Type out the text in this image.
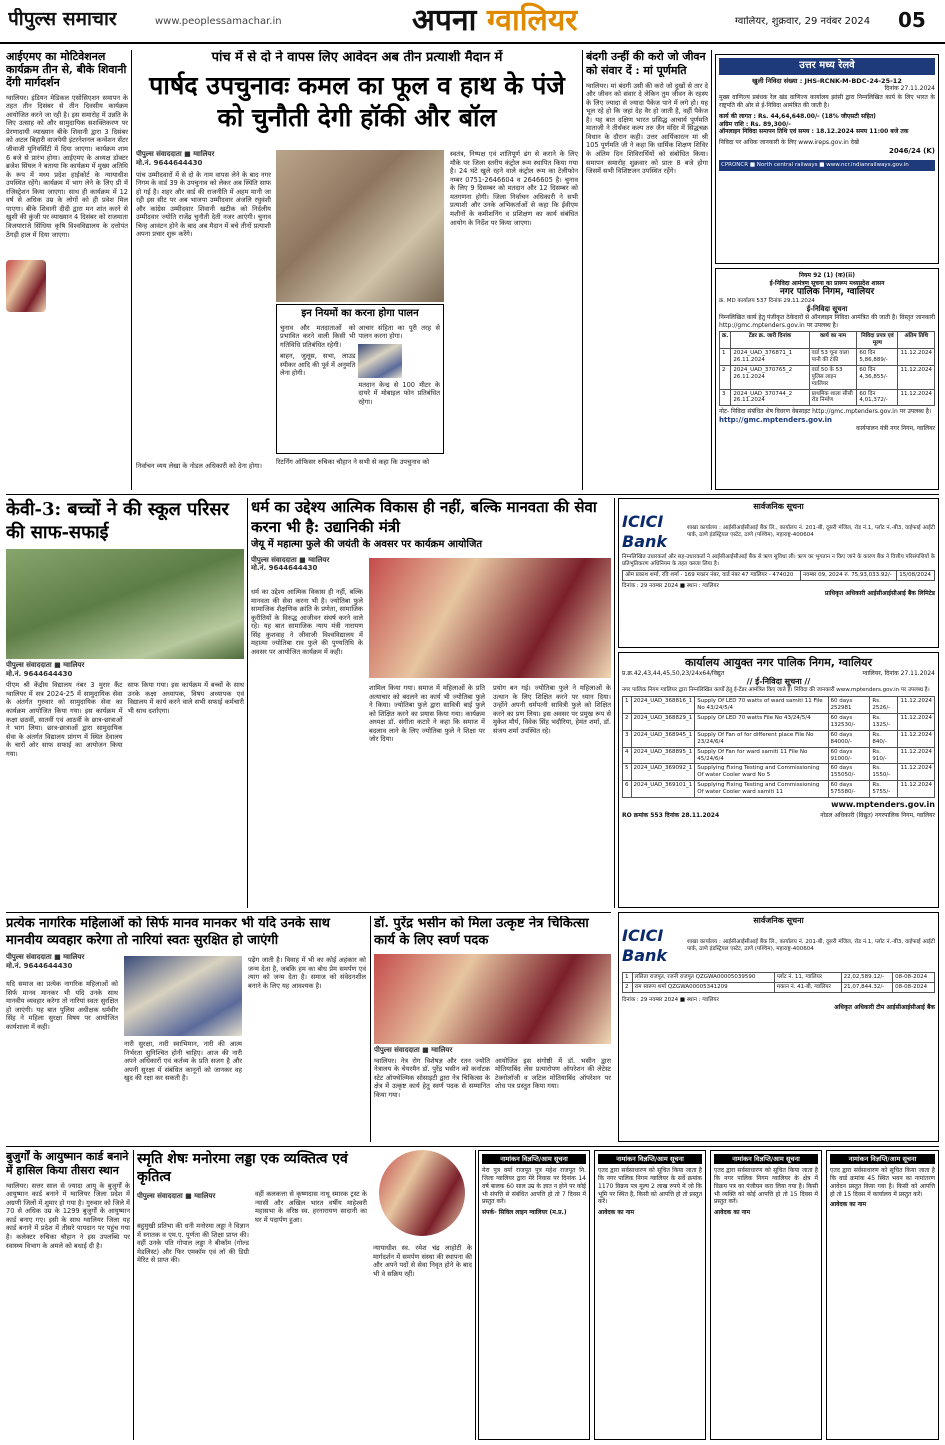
पीपुल्स समाचार	www.peoplessamachar.in	अपना ग्वालियर	ग्वालियर, शुक्रवार, 29 नवंबर 2024 05
आईएमए का मोटिवेशनल कार्यक्रम तीन से, बीके शिवानी देंगी मार्गदर्शन
ग्वालियर। इंडियन मेडिकल एसोसिएशन समापन के तहत तीन दिसंबर से तीन दिवसीय कार्यक्रम आयोजित करने जा रही है। इस समारोह में उन्नति के लिए उत्साह को और सामुदायिक सशक्तिकरण पर प्रेरणादायी व्याख्यान बीके शिवानी द्वारा 3 दिसंबर को अटल बिहारी वाजपेयी इंटरनेशनल कन्वेंशन सेंटर जीवाजी यूनिवर्सिटी में दिया जाएगा। कार्यक्रम शाम 6 बजे से प्रारंभ होगा। आईएमए के अध्यक्ष डॉक्टर ब्रजेश सिंघल ने बताया कि कार्यक्रम में मुख्य अतिथि के रूप में मध्य प्रदेश हाईकोर्ट के न्यायाधीश उपस्थित रहेंगे। कार्यक्रम में भाग लेने के लिए प्री में रजिस्ट्रेशन किया जाएगा। साथ ही कार्यक्रम में 12 वर्ष से अधिक उम्र के लोगों को ही प्रवेश मिल पाएगा। बीके शिवानी दीदी द्वारा मन शांत करने से खुशी की कुंजी पर व्याख्यान 4 दिसंबर को राजमाता विजयाराजे सिंधिया कृषि विश्वविद्यालय के दत्तोपंत ठेंगड़ी हाल में दिया जाएगा।
पांच में से दो ने वापस लिए आवेदन अब तीन प्रत्याशी मैदान में
पार्षद उपचुनावः कमल का फूल व हाथ के पंजे को चुनौती देगी हॉकी और बॉल
पीपुल्स संवाददाता ■ ग्वालियर
मो.नं. 9644644430
पांच उम्मीदवारों में से दो के नाम वापस लेने के बाद नगर निगम के वार्ड 39 के उपचुनाव को लेकर अब स्थिति साफ हो गई है। शहर और वार्ड की राजनीति में अहम मानी जा रही इस सीट पर अब भाजपा उम्मीदवार अंजलि रघुवंशी और कांग्रेस उम्मीदवार शिवानी खटीक को निर्दलीय उम्मीदवार ज्योति राजेंद्र चुनौती देती नजर आएंगी। चुनाव चिन्ह आवंटन होने के बाद अब मैदान में बचे तीनों प्रत्याशी अपना प्रचार शुरू करेंगे।
इन नियमों का करना होगा पालन
चुनाव और मतदाताओं को प्रभावित करने वाली किसी भी गतिविधि प्रतिबंधित रहेगी।
बाहन, जुलूस, सभा, लाउड स्पीकर आदि की पूर्व में अनुमति लेना होगी।
आचार संहिता का पूरी तरह से पालन करना होगा।
मतदान केन्द्र से 100 मीटर के दायरे में मोबाइल फोन प्रतिबंधित रहेगा।
निर्वाचन व्यय लेखा के नोडल अधिकारी को देना होगा।	रिटर्निंग ऑफिसर रुचिका चौहान ने सभी से कहा कि उपचुनाव को
स्वतंत्र, निष्पक्ष एवं शांतिपूर्ण ढंग से कराने के लिए मौके पर जिला स्तरीय कंट्रोल रूम स्थापित किया गया है। 24 घंटे खुले रहने वाले कंट्रोल रूम का टेलीफोन नम्बर 0751-2646604 व 2646605 है। चुनाव के लिए 9 दिसम्बर को मतदान और 12 दिसम्बर को मतगणना होगी। जिला निर्वाचन अधिकारी ने सभी प्रत्याशी और उनके अभिकर्ताओं से कहा कि ईवीएम मशीनों के कमीशनिंग व प्रशिक्षण का कार्य संबंधित आयोग के निर्देश पर किया जाएगा।
बंदगी उन्हीं की करो जो जीवन को संवार दें : मां पूर्णमति
ग्वालियर। मां बंदगी उसी की करो जो दुखों से तार दे और जीवन को संवार दे लेकिन तुम जीवन के रहस्य के लिए ज्यादा से ज्यादा पैकेज पाने में लगे हो। यह भूल रहे हो कि जहां देह वैर हो जाती है, वहीं पैकेज है। यह बात दक्षिण भारत प्रसिद्ध आचार्य पूर्णमति माताजी ने तीर्थंकर कल्प तरु जैन मंदिर में सिद्धचक्र विधान के दौरान कही। उत्तर आर्यिकारत्न मां श्री 105 पूर्णमति जी ने कहा कि धार्मिक शिक्षण शिविर के अंतिम दिन शिविरार्थियों को संबोधित किया। समापन समारोह शुक्रवार को प्रातः 8 बजे होगा जिसमें सभी विशिष्टजन उपस्थित रहेंगे।
उत्तर मध्य रेलवे
खुली निविदा संख्या : JHS-RCNK-M-BDC-24-25-12
दिनांक 27.11.2024
मुख्य वाणिज्य प्रबंधक रेल खंड वाणिज्य कार्यालय झांसी द्वारा निम्नलिखित कार्य के लिए भारत के राष्ट्रपति की ओर से ई-निविदा आमंत्रित की जाती है।
कार्य की लागत : Rs. 44,64,648.00/- (18% जीएसटी सहित)
अग्रिम राशि : Rs. 89,300/-
ऑनलाइन निविदा समापन तिथि एवं समय : 18.12.2024 समय 11:00 बजे तक
निविदा पर अधिक जानकारी के लिए www.ireps.gov.in देखें
2046/24 (K)
CPRONCR ■ North central railways ■ www.ncr.indianrailways.gov.in
नियम 92 (1) (क)(ii)
ई-निविदा आमंत्रण सूचना का प्रारूप मध्यप्रदेश शासन
नगर पालिक निगम, ग्वालियर
क्र. MD कार्यालय 537 दिनांक 29.11.2024
ई-निविदा सूचना
निम्नलिखित कार्य हेतु पंजीकृत ठेकेदारों से ऑनलाइन निविदा आमंत्रित की जाती है। विस्तृत जानकारी http://gmc.mptenders.gov.in पर उपलब्ध है।
क्र.	टेंडर क्र. जारी दिनांक	कार्य का नाम	निविदा प्रपत्र एवं मूल्य	अंतिम तिथि
1	2024_UAD_376871_1 26.11.2024	वार्ड 53 चूना वाला पानी की टंकी	60 दिन 5,86,889/-	11.12.2024
2	2024_UAD_370765_2 26.11.2024	वार्ड 50 के 53 पुलिस लाइन ग्वालियर	60 दिन 4,36,855/-	11.12.2024
3	2024_UAD_370744_2 26.11.2024	प्राथमिक शाला सीसी रोड निर्माण	60 दिन 4,01,372/-	11.12.2024
नोट- निविदा संबंधित शेष विवरण वेबसाइट http://gmc.mptenders.gov.in पर उपलब्ध है।
http://gmc.mptenders.gov.in
कार्यपालन यंत्री नगर निगम, ग्वालियर
केवी-3: बच्चों ने की स्कूल परिसर की साफ-सफाई
पीपुल्स संवाददाता ■ ग्वालियर
मो.नं. 9644644430
पीएम श्री केंद्रीय विद्यालय नंबर 3 मुरार कैंट ग्वालियर में सत्र 2024-25 में सामुदायिक सेवा के अंतर्गत गुरुवार को सामुदायिक सेवा का कार्यक्रम आयोजित किया गया। इस कार्यक्रम में कक्षा छठवीं, सातवीं एवं आठवीं के छात्र-छात्राओं ने भाग लिया। छात्र-छात्राओं द्वारा सामुदायिक सेवा के अंतर्गत विद्यालय प्रांगण में स्थित देवालय के चारों ओर साफ सफाई का आयोजन किया गया।
साफ किया गया। इस कार्यक्रम में बच्चों के साथ उनके कक्षा अध्यापक, विषय अध्यापक एवं विद्यालय में कार्य करने वाले सभी सफाई कर्मचारी भी साथ दर्शाएगा।
धर्म का उद्देश्य आत्मिक विकास ही नहीं, बल्कि मानवता की सेवा करना भी है: उद्यानिकी मंत्री
जेयू में महात्मा फुले की जयंती के अवसर पर कार्यक्रम आयोजित
पीपुल्स संवाददाता ■ ग्वालियर
मो.नं. 9644644430
धर्म का उद्देश्य आत्मिक विकास ही नहीं, बल्कि मानवता की सेवा करना भी है। ज्योतिबा फुले सामाजिक शैक्षणिक क्रांति के प्रणेता, सामाजिक कुरीतियों के विरुद्ध आजीवन संघर्ष करने वाले रहे। यह बात सामाजिक न्याय मंत्री नारायण सिंह कुशवाह ने जीवाजी विश्वविद्यालय में महात्मा ज्योतिबा राव फुले की पुण्यतिथि के अवसर पर आयोजित कार्यक्रम में कही।
शामिल किया गया। समाज में महिलाओं के प्रति अत्याचार को बदलने का कार्य भी ज्योतिबा फुले ने किया। ज्योतिबा फुले द्वारा सावित्री बाई फुले को शिक्षित करने का प्रयास किया गया। कार्यक्रम अध्यक्ष डॉ. संगीता कटारे ने कहा कि समाज में बदलाव लाने के लिए ज्योतिबा फुले ने शिक्षा पर जोर दिया।
प्रयोग बन गई। ज्योतिबा फुले ने महिलाओं के उत्थान के लिए शिक्षित करने पर ध्यान दिया। उन्होंने अपनी धर्मपत्नी सावित्री फुले को शिक्षित करने का प्रण लिया। इस अवसर पर प्रमुख रूप से मुकेश मौर्य, विवेक सिंह भदौरिया, हेमंत शर्मा, डॉ. संजय शर्मा उपस्थित रहे।
सार्वजनिक सूचना
ICICI Bank
शाखा कार्यालय : आईसीआईसीआई बैंक लि., कार्यालय नं. 201-बी, दूसरी मंजिल, रोड नं.1, प्लॉट नं.-बी3, वाईफाई आईटी पार्क, ठाणे इंडस्ट्रियल एस्टेट, ठाणे (पश्चिम), महाराष्ट्र-400604
निम्नलिखित उधारकर्ता और सह-उधारकर्ता ने आईसीआईसीआई बैंक से ऋण सुविधा ली। ऋण का भुगतान न किए जाने के कारण बैंक ने वित्तीय परिसंपत्तियों के प्रतिभूतिकरण अधिनियम के तहत कब्जा लिया है।
ओम प्रकाश शर्मा, रवि शर्मा - 169 मकान नंबर, वार्ड नंबर 47 ग्वालियर - 474020	नवम्बर 09, 2024 रु. 75,93,033.92/-	15/08/2024
दिनांक : 29 नवम्बर 2024 ■ स्थान : ग्वालियर
प्राधिकृत अधिकारी आईसीआईसीआई बैंक लिमिटेड
कार्यालय आयुक्त नगर पालिक निगम, ग्वालियर
प्र.क्र.42,43,44,45,50,23/24x64/विद्युत	ग्वालियर, दिनांक 27.11.2024
// ई-निविदा सूचना //
नगर पालिक निगम ग्वालियर द्वारा निम्नलिखित कार्यों हेतु ई-टेंडर आमंत्रित किए जाते हैं। निविदा की जानकारी www.mptenders.gov.in पर उपलब्ध है।
1	2024_UAD_368816_1	Supply Of LED 70 watts of ward samiti 11 File No 43/24/5/4	60 days 252981	Rs. 2526/-	11.12.2024
2	2024_UAD_368829_1	Supply Of LED 70 watts File No 43/24/5/4	60 days 132530/-	Rs. 1325/-	11.12.2024
3	2024_UAD_368945_1	Supply Of Fan of for different place File No 23/24/6/4	60 days 84000/-	Rs. 840/-	11.12.2024
4	2024_UAD_368895_1	Supply Of Fan for ward samiti 11 File No 45/24/6/4	60 days 91000/-	Rs. 910/-	11.12.2024
5	2024_UAD_369092_1	Supplying Fixing Testing and Commissioning Of water Cooler ward No 5	60 days 155050/-	Rs. 1550/-	11.12.2024
6	2024_UAD_369101_1	Supplying Fixing Testing and Commissioning Of water Cooler ward samiti 11	60 days 575580/-	Rs. 5755/-	11.12.2024
www.mptenders.gov.in
RO क्रमांक 553 दिनांक 28.11.2024	नोडल अधिकारी (विद्युत) नगरपालिक निगम, ग्वालियर
प्रत्येक नागरिक महिलाओं को सिर्फ मानव मानकर भी यदि उनके साथ मानवीय व्यवहार करेगा तो नारियां स्वतः सुरक्षित हो जाएंगी
पीपुल्स संवाददाता ■ ग्वालियर
मो.नं. 9644644430
यदि समाज का प्रत्येक नागरिक महिलाओं को सिर्फ मानव मानकर भी यदि उनके साथ मानवीय व्यवहार करेगा तो नारियां स्वतः सुरक्षित हो जाएंगी। यह बात पुलिस अधीक्षक धर्मवीर सिंह ने महिला सुरक्षा विषय पर आयोजित कार्यशाला में कही।
नारी सुरक्षा, नारी स्वाभिमान, नारी की आत्म निर्भरता सुनिश्चित होनी चाहिए। आज की नारी अपने अधिकारों एवं कर्तव्य के प्रति सजग है और अपनी सुरक्षा में संबंधित कानूनों को जानकर वह खुद की रक्षा कर सकती है।
पढ़ेंग जाती है। विवाह में भी का कोई अहंकार को जन्म देता है, जबकि हम का बोध प्रेम समर्पण एवं त्याग को जन्म देता है। समाज को संवेदनशील बनाने के लिए यह आवश्यक है।
डॉ. पुरेंद्र भसीन को मिला उत्कृष्ट नेत्र चिकित्सा कार्य के लिए स्वर्ण पदक
पीपुल्स संवाददाता ■ ग्वालियर
ग्वालियर। नेत्र रोग विशेषज्ञ और रतन ज्योति नेत्रालय के चेयरमैन डॉ. पुरेंद्र भसीन को कर्नाटक स्टेट ऑफ्थेल्मिक सोसाइटी द्वारा नेत्र चिकित्सा के क्षेत्र में उत्कृष्ट कार्य हेतु स्वर्ण पदक से सम्मानित किया गया।
आयोजित इस संगोष्ठी में डॉ. भसीन द्वारा मोतियाबिंद लेंस प्रत्यारोपण ऑपरेशन की लेटेस्ट टेक्नोलॉजी व जटिल मोतियाबिंद ऑपरेशन पर शोध पत्र प्रस्तुत किया गया।
सार्वजनिक सूचना
ICICI Bank
शाखा कार्यालय : आईसीआईसीआई बैंक लि., कार्यालय नं. 201-बी, दूसरी मंजिल, रोड नं.1, प्लॉट नं.-बी3, वाईफाई आईटी पार्क, ठाणे इंडस्ट्रियल एस्टेट, ठाणे (पश्चिम), महाराष्ट्र-400604
1	ललिता राजपूत, रजनी राजपूत QZGWA00005039590	प्लॉट नं. 11, ग्वालियर	22,02,589.12/-	08-08-2024
2	राम स्वरूप शर्मा QZGWA00005341209	मकान नं. 41-बी, ग्वालियर	21,07,844.32/-	08-08-2024
दिनांक : 29 नवम्बर 2024 ■ स्थान : ग्वालियर
अधिकृत अधिकारी टीम आईसीआईसीआई बैंक
बुजुर्गों के आयुष्मान कार्ड बनाने में हासिल किया तीसरा स्थान
ग्वालियर। सत्तर साल से ज्यादा आयु के बुजुर्गों के आयुष्मान कार्ड बनाने में ग्वालियर जिला प्रदेश में अग्रणी जिलों में शुमार हो गया है। गुरुवार को जिले में 70 से अधिक उम्र के 1299 बुजुर्गों के आयुष्मान कार्ड बनाए गए। इसी के साथ ग्वालियर जिला यह कार्ड बनाने में प्रदेश में तीसरे पायदान पर पहुंच गया है। कलेक्टर रुचिका चौहान ने इस उपलब्धि पर स्वास्थ्य विभाग के अमले को बधाई दी है।
स्मृति शेषः मनोरमा लड्डा एक व्यक्तित्व एवं कृतित्व
पीपुल्स संवाददाता ■ ग्वालियर
बहुमुखी प्रतिभा की धनी मनोरमा लड्डा ने विज्ञान में स्नातक व एम.ए. पूर्णता की शिक्षा प्राप्त की। वहीं उनके पति गोपाल लड्डा ने बीकॉम (गोल्ड मेडलिस्ट) और फिर एमकॉम एवं लॉ की डिग्री मेरिट से प्राप्त की।
वहीं कलकत्ता से कृष्णदास नाथू स्मारक ट्रस्ट के न्यासी और अखिल भारत वर्षीय माहेश्वरी महासभा के वरिष्ठ स्व. हरनारायण सादानी का घर में पदार्पण हुआ।
न्यायाधीश स्व. रमेश चंद्र लाहोटी के मार्गदर्शन में समर्पण संस्था की स्थापना की और अपने पदों से सेवा निवृत होने के बाद भी वे सक्रिय रहीं।
नामांकन विज्ञप्ति/आम सूचना
मेरा पुत्र वर्मा राजपूत पुत्र महेश राजपूत नि. जिला ग्वालियर द्वारा मेरे निवास पर दिनांक 14 वर्ष बालक 60 साल उम्र के ज्ञात न होने पर कोई भी संपत्ति से संबंधित आपत्ति हो तो 7 दिवस में प्रस्तुत करें।
संपर्क- सिविल लाइन ग्वालियर (म.प्र.)
नामांकन विज्ञप्ति/आम सूचना
एतद द्वारा सर्वसाधारण को सूचित किया जाता है कि नगर पालिक निगम ग्वालियर के सर्वे क्रमांक 1170 विक्रय पत्र मूल्य 2 लाख रुपये में जो कि भूमि पर स्थित है, किसी को आपत्ति हो तो प्रस्तुत करें।
आवेदक का नाम
नामांकन विज्ञप्ति/आम सूचना
एतद द्वारा सर्वसाधारण को सूचित किया जाता है कि नगर पालिक निगम ग्वालियर के क्षेत्र में विक्रय पत्र का पंजीयन करा लिया गया है। किसी भी व्यक्ति को कोई आपत्ति हो तो 15 दिवस में प्रस्तुत करें।
आवेदक का नाम
नामांकन विज्ञप्ति/आम सूचना
एतद द्वारा सर्वसाधारण को सूचित किया जाता है कि वार्ड क्रमांक 45 स्थित भवन का नामांतरण आवेदन प्रस्तुत किया गया है। किसी को आपत्ति हो तो 15 दिवस में कार्यालय में प्रस्तुत करें।
आवेदक का नाम
